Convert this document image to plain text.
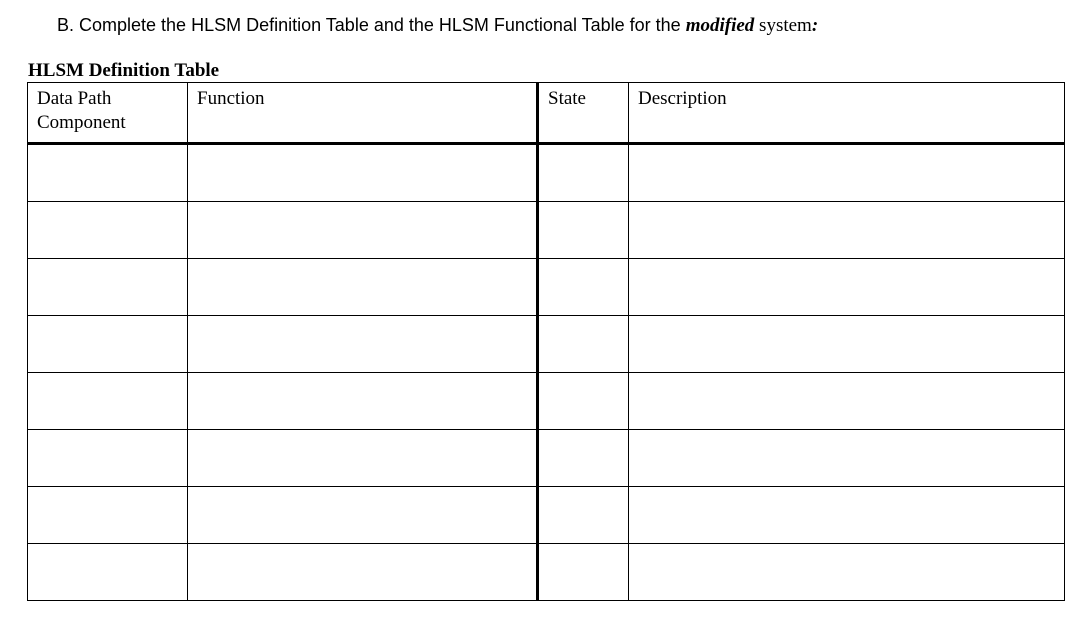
B. Complete the HLSM Definition Table and the HLSM Functional Table for the modified system:
HLSM Definition Table
Data Path
Component	Function	State	Description
